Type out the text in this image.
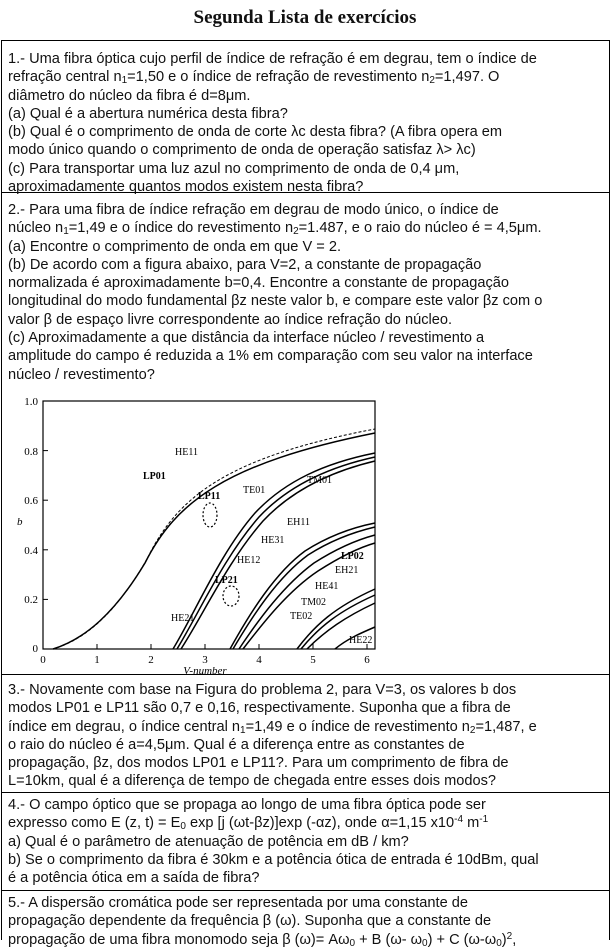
Segunda Lista de exercícios
1.- Uma fibra óptica cujo perfil de índice de refração é em degrau, tem o índice de
refração central $n_1=1,50$ e o índice de refração de revestimento $n_2=1,497$. O
diâmetro do núcleo da fibra é d=8μm.
(a) Qual é a abertura numérica desta fibra?
(b) Qual é o comprimento de onda de corte λc desta fibra? (A fibra opera em
modo único quando o comprimento de onda de operação satisfaz λ> λc)
(c) Para transportar uma luz azul no comprimento de onda de 0,4 μm,
aproximadamente quantos modos existem nesta fibra?
2.- Para uma fibra de índice refração em degrau de modo único, o índice de
núcleo $n_1=1,49$ e o índice do revestimento $n_2=1.487$, e o raio do núcleo é = 4,5μm.
(a) Encontre o comprimento de onda em que V = 2.
(b) De acordo com a figura abaixo, para V=2, a constante de propagação
normalizada é aproximadamente b=0,4. Encontre a constante de propagação
longitudinal do modo fundamental βz neste valor b, e compare este valor βz com o
valor β de espaço livre correspondente ao índice refração do núcleo.
(c) Aproximadamente a que distância da interface núcleo / revestimento a
amplitude do campo é reduzida a 1% em comparação com seu valor na interface
núcleo / revestimento?
1.0
0.8
0.6
0.4
0.2
0
0	1	2	3	4	5	6
V-number
b
LP01
HE11
LP11
TE01
TM01
EH11
HE31
HE12
LP21
HE21
LP02
EH21
HE41
TM02
TE02
HE22
3.- Novamente com base na Figura do problema 2, para V=3, os valores b dos
modos LP01 e LP11 são 0,7 e 0,16, respectivamente. Suponha que a fibra de
índice em degrau, o índice central $n_1=1,49$ e o índice de revestimento $n_2=1,487$, e
o raio do núcleo é a=4,5μm. Qual é a diferença entre as constantes de
propagação, βz, dos modos LP01 e LP11?. Para um comprimento de fibra de
L=10km, qual é a diferença de tempo de chegada entre esses dois modos?
4.- O campo óptico que se propaga ao longo de uma fibra óptica pode ser
expresso como E (z, $t) = E_0$ exp [j (ωt-βz)]exp (-αz), onde α=1,15 $x10^{-4}$ $m^{-1}$
a) Qual é o parâmetro de atenuação de potência em dB / km?
b) Se o comprimento da fibra é 30km e a potência ótica de entrada é 10dBm, qual
é a potência ótica em a saída de fibra?
5.- A dispersão cromática pode ser representada por uma constante de
propagação dependente da frequência β (ω). Suponha que a constante de
propagação de uma fibra monomodo seja β $(\omega)= A\omega_0 + B$ (ω- $\omega_0) + C$ $(\omega-\omega_0)^2$,
